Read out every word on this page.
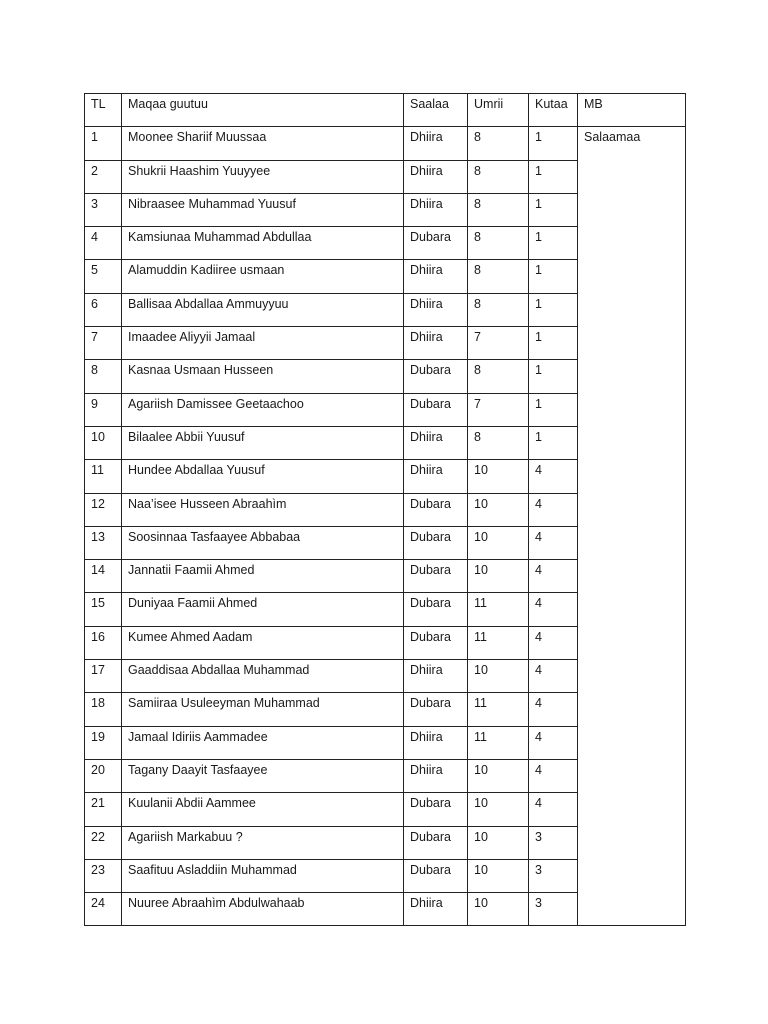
TL	Maqaa guutuu	Saalaa	Umrii	Kutaa	MB
1	Moonee Shariif Muussaa	Dhiira	8	1	Salaamaa
2	Shukrii Haashim Yuuyyee	Dhiira	8	1	
3	Nibraasee Muhammad Yuusuf	Dhiira	8	1	
4	Kamsiunaa Muhammad Abdullaa	Dubara	8	1	
5	Alamuddin Kadiiree usmaan	Dhiira	8	1	
6	Ballisaa Abdallaa Ammuyyuu	Dhiira	8	1	
7	Imaadee Aliyyii Jamaal	Dhiira	7	1	
8	Kasnaa Usmaan Husseen	Dubara	8	1	
9	Agariish Damissee Geetaachoo	Dubara	7	1	
10	Bilaalee Abbii Yuusuf	Dhiira	8	1	
11	Hundee Abdallaa Yuusuf	Dhiira	10	4	
12	Naa’isee Husseen Abraahìm	Dubara	10	4	
13	Soosinnaa Tasfaayee Abbabaa	Dubara	10	4	
14	Jannatii Faamii Ahmed	Dubara	10	4	
15	Duniyaa Faamii Ahmed	Dubara	11	4	
16	Kumee Ahmed Aadam	Dubara	11	4	
17	Gaaddisaa Abdallaa Muhammad	Dhiira	10	4	
18	Samiiraa Usuleeyman Muhammad	Dubara	11	4	
19	Jamaal Idiriis Aammadee	Dhiira	11	4	
20	Tagany Daayit Tasfaayee	Dhiira	10	4	
21	Kuulanii Abdii Aammee	Dubara	10	4	
22	Agariish Markabuu ?	Dubara	10	3	
23	Saafituu Asladdiin Muhammad	Dubara	10	3	
24	Nuuree Abraahìm Abdulwahaab	Dhiira	10	3	
